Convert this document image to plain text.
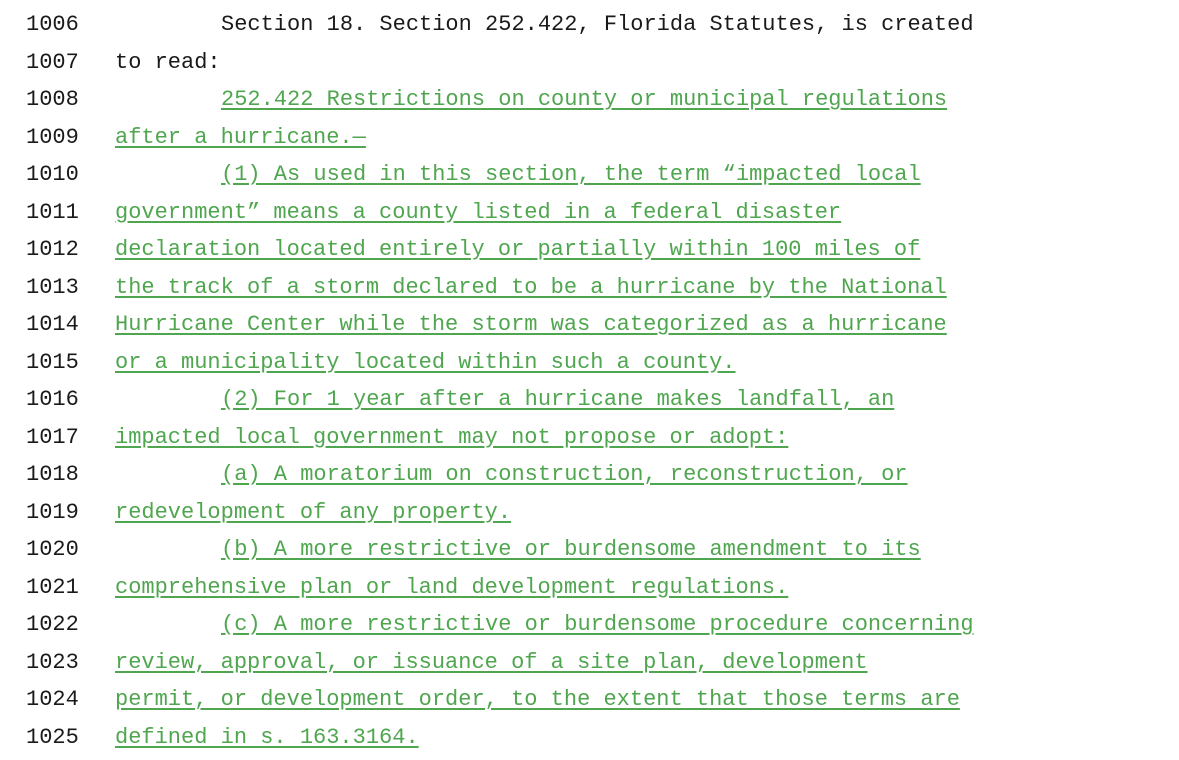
1006	Section 18. Section 252.422, Florida Statutes, is created
1007	to read:
1008	252.422 Restrictions on county or municipal regulations
1009	after a hurricane.—
1010	(1) As used in this section, the term “impacted local
1011	government” means a county listed in a federal disaster
1012	declaration located entirely or partially within 100 miles of
1013	the track of a storm declared to be a hurricane by the National
1014	Hurricane Center while the storm was categorized as a hurricane
1015	or a municipality located within such a county.
1016	(2) For 1 year after a hurricane makes landfall, an
1017	impacted local government may not propose or adopt:
1018	(a) A moratorium on construction, reconstruction, or
1019	redevelopment of any property.
1020	(b) A more restrictive or burdensome amendment to its
1021	comprehensive plan or land development regulations.
1022	(c) A more restrictive or burdensome procedure concerning
1023	review, approval, or issuance of a site plan, development
1024	permit, or development order, to the extent that those terms are
1025	defined in s. 163.3164.
